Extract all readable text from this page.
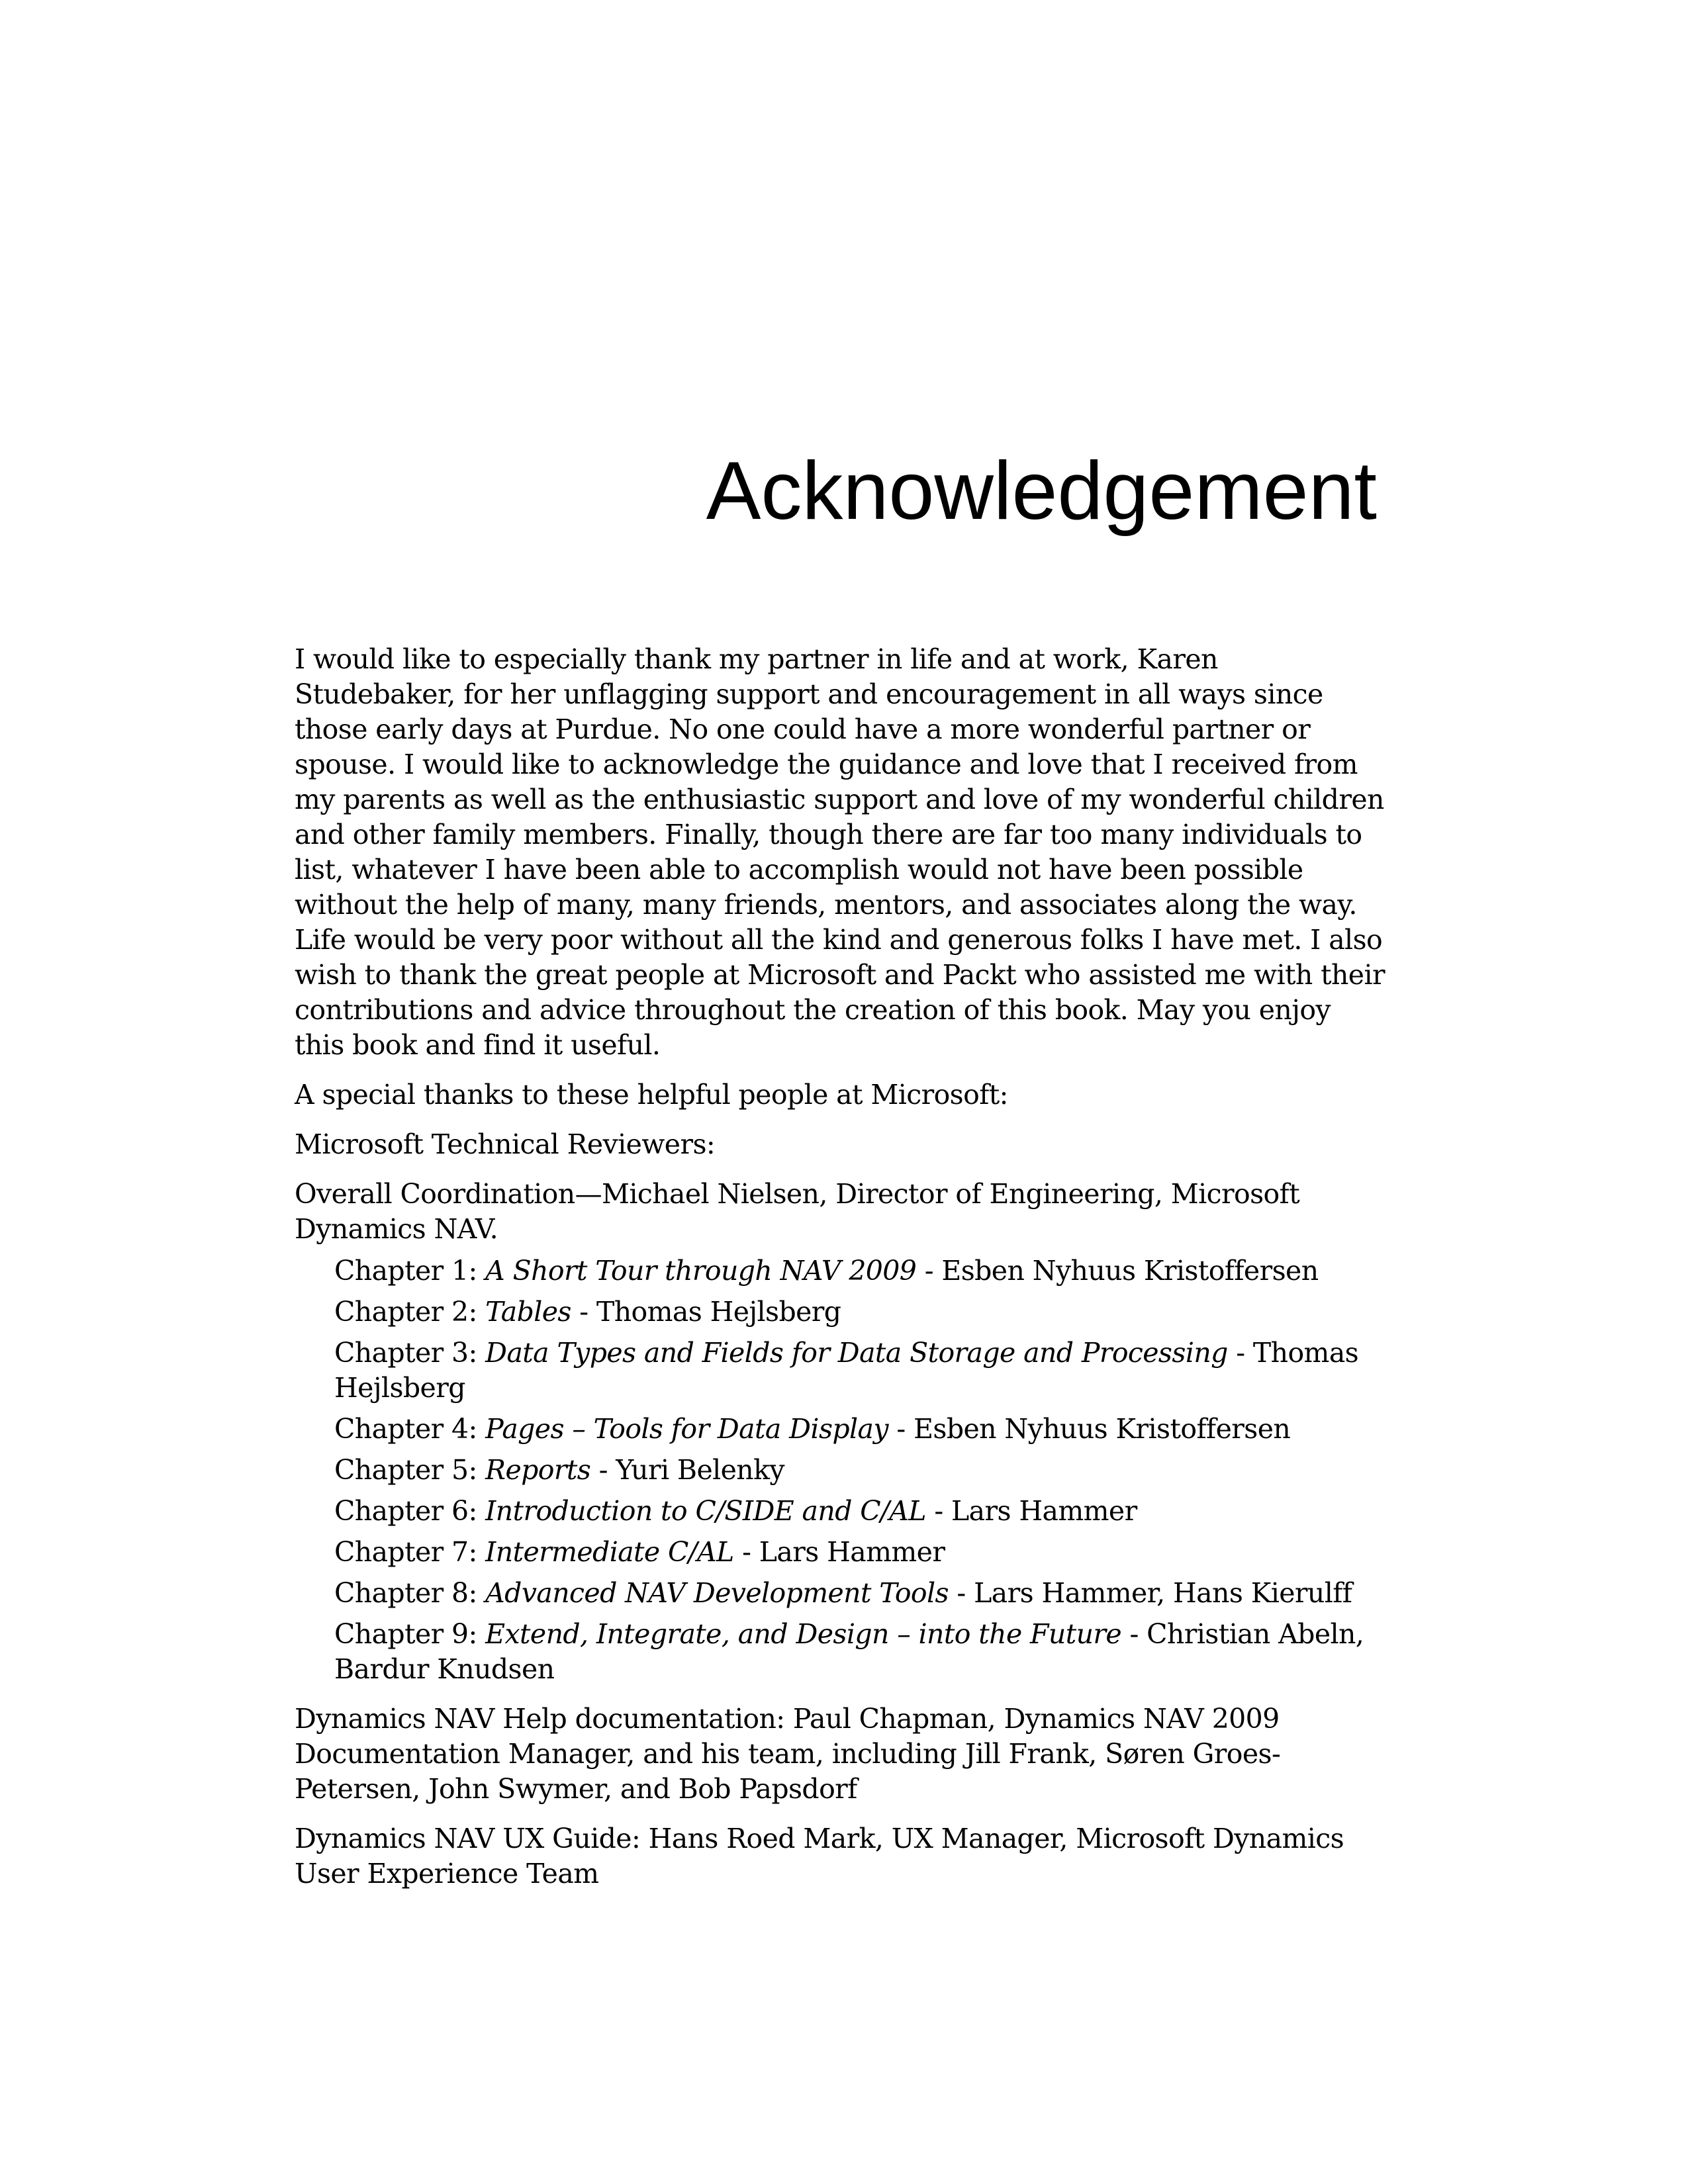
Acknowledgement

I would like to especially thank my partner in life and at work, Karen Studebaker, for her unflagging support and encouragement in all ways since those early days at Purdue. No one could have a more wonderful partner or spouse. I would like to acknowledge the guidance and love that I received from my parents as well as the enthusiastic support and love of my wonderful children and other family members. Finally, though there are far too many individuals to list, whatever I have been able to accomplish would not have been possible without the help of many, many friends, mentors, and associates along the way. Life would be very poor without all the kind and generous folks I have met. I also wish to thank the great people at Microsoft and Packt who assisted me with their contributions and advice throughout the creation of this book. May you enjoy this book and find it useful.

A special thanks to these helpful people at Microsoft:

Microsoft Technical Reviewers:

Overall Coordination—Michael Nielsen, Director of Engineering, Microsoft Dynamics NAV.

Chapter 1: A Short Tour through NAV 2009 - Esben Nyhuus Kristoffersen
Chapter 2: Tables - Thomas Hejlsberg
Chapter 3: Data Types and Fields for Data Storage and Processing - Thomas Hejlsberg
Chapter 4: Pages – Tools for Data Display - Esben Nyhuus Kristoffersen
Chapter 5: Reports - Yuri Belenky
Chapter 6: Introduction to C/SIDE and C/AL - Lars Hammer
Chapter 7: Intermediate C/AL - Lars Hammer
Chapter 8: Advanced NAV Development Tools - Lars Hammer, Hans Kierulff
Chapter 9: Extend, Integrate, and Design – into the Future - Christian Abeln, Bardur Knudsen

Dynamics NAV Help documentation: Paul Chapman, Dynamics NAV 2009 Documentation Manager, and his team, including Jill Frank, Søren Groes-Petersen, John Swymer, and Bob Papsdorf

Dynamics NAV UX Guide: Hans Roed Mark, UX Manager, Microsoft Dynamics User Experience Team
